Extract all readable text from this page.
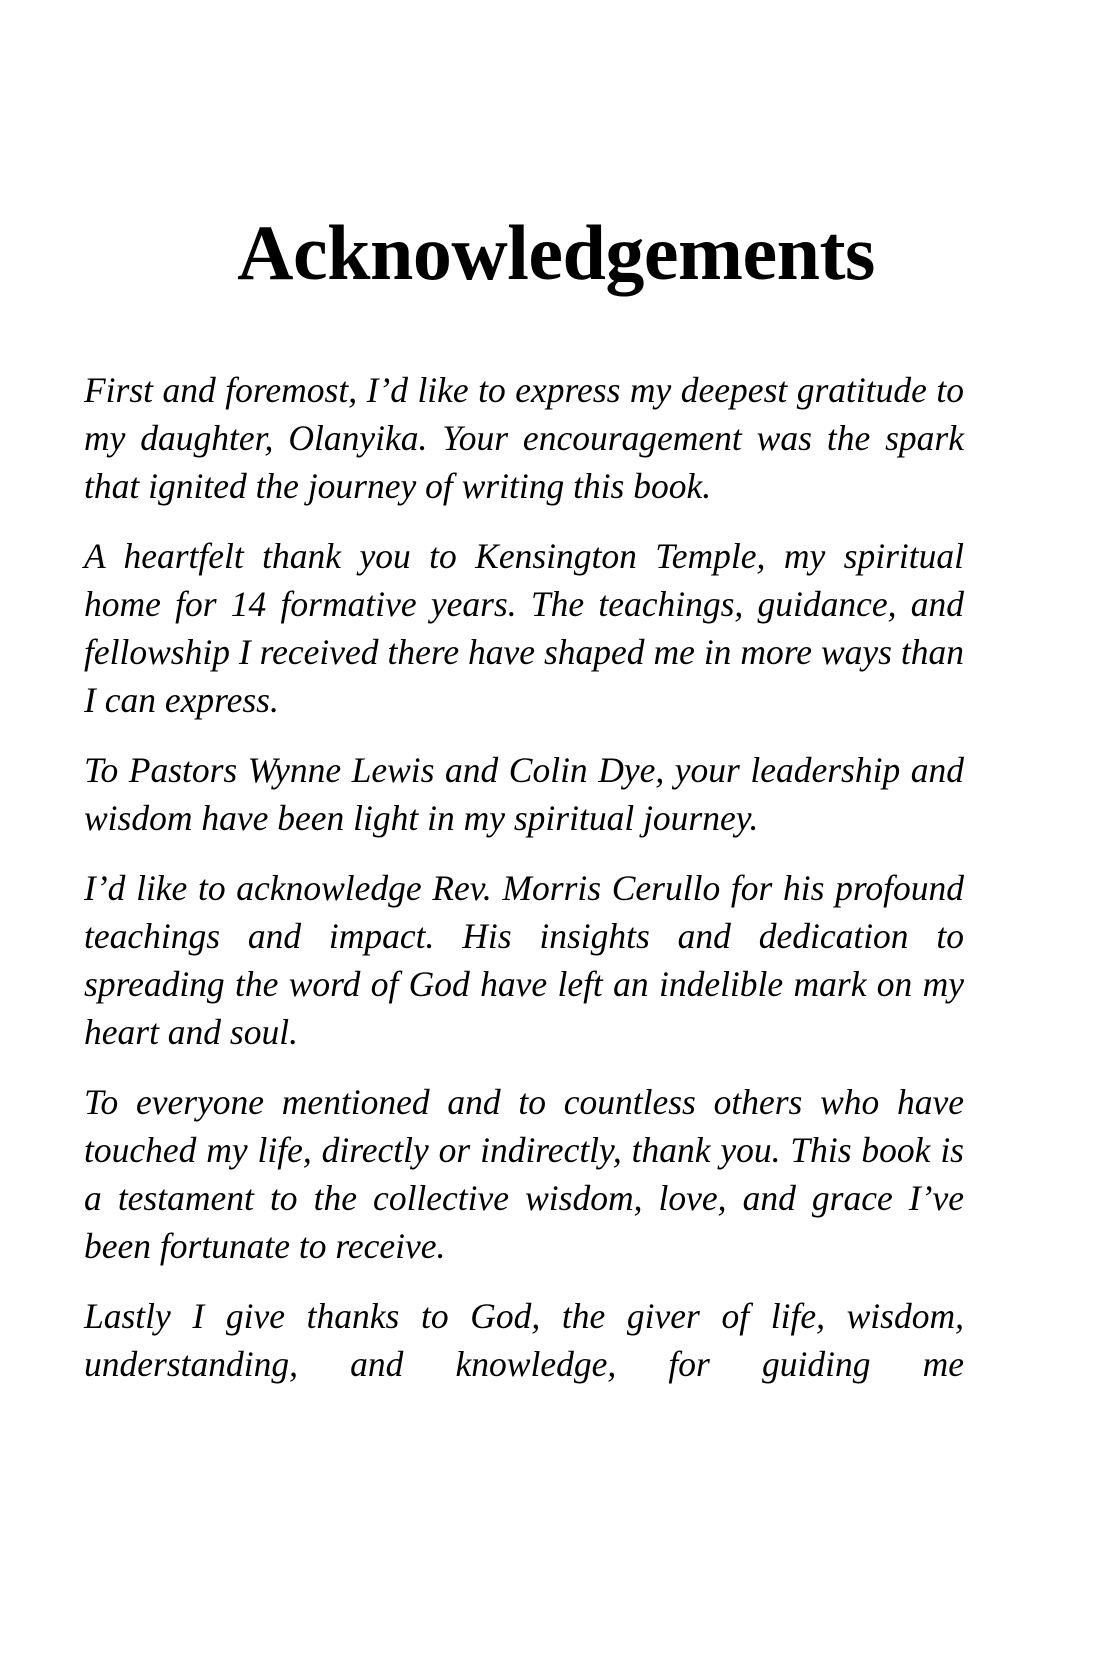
Acknowledgements

First and foremost, I’d like to express my deepest gratitude to my daughter, Olanyika. Your encouragement was the spark that ignited the journey of writing this book.

A heartfelt thank you to Kensington Temple, my spiritual home for 14 formative years. The teachings, guidance, and fellowship I received there have shaped me in more ways than I can express.

To Pastors Wynne Lewis and Colin Dye, your leadership and wisdom have been light in my spiritual journey.

I’d like to acknowledge Rev. Morris Cerullo for his profound teachings and impact. His insights and dedication to spreading the word of God have left an indelible mark on my heart and soul.

To everyone mentioned and to countless others who have touched my life, directly or indirectly, thank you. This book is a testament to the collective wisdom, love, and grace I’ve been fortunate to receive.

Lastly I give thanks to God, the giver of life, wisdom, understanding, and knowledge, for guiding me
